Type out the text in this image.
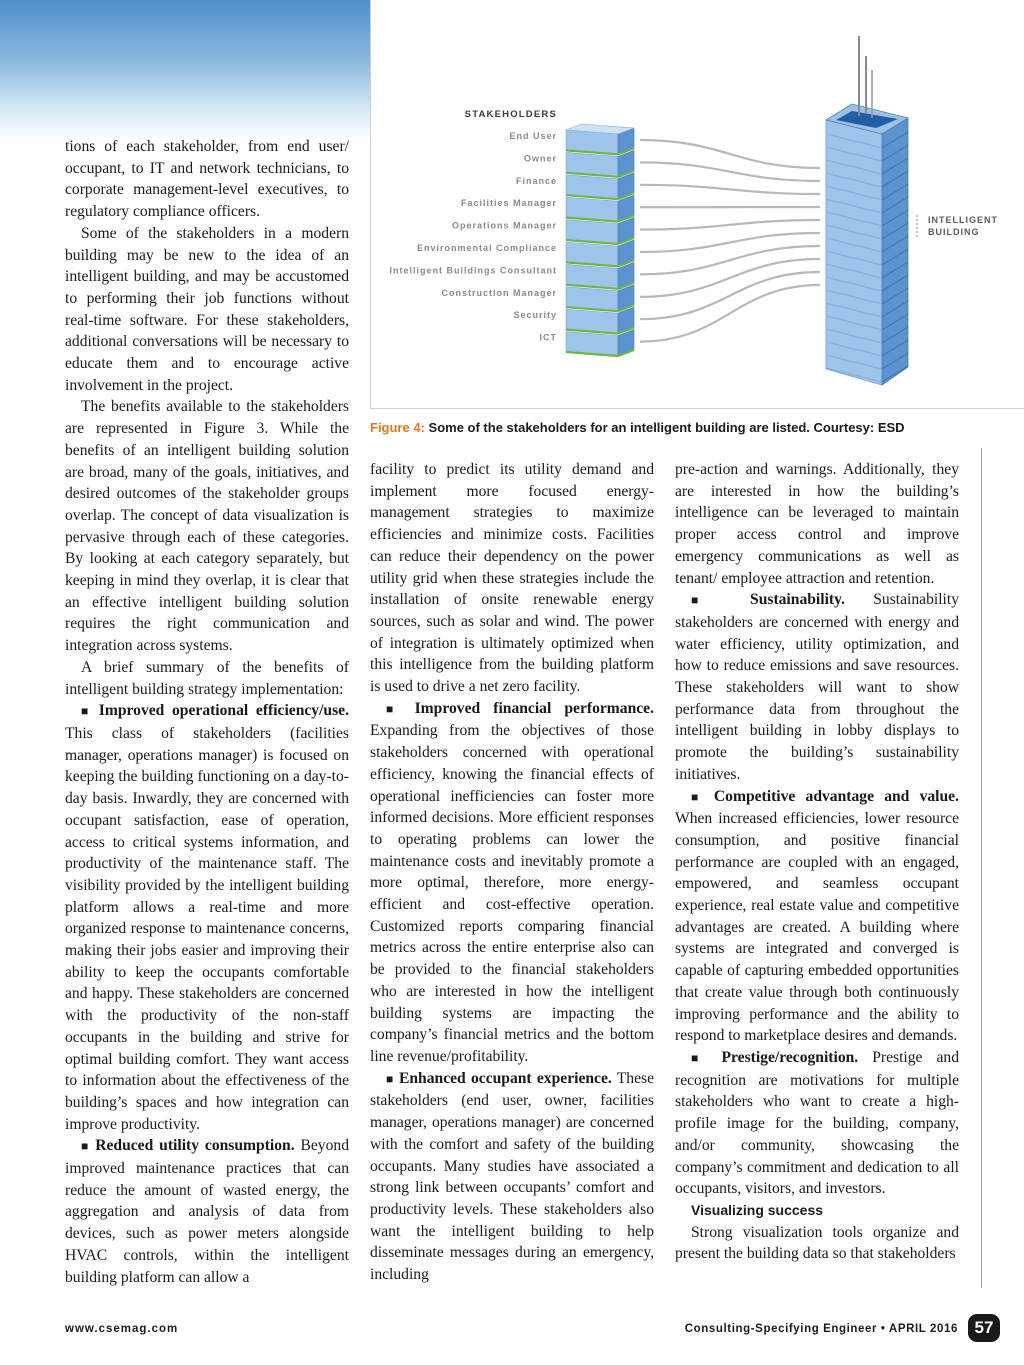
STAKEHOLDERS
End User
Owner
Finance
Facilities Manager
Operations Manager
Environmental Compliance
Intelligent Buildings Consultant
Construction Manager
Security
ICT
INTELLIGENT
BUILDING
Figure 4: Some of the stakeholders for an intelligent building are listed. Courtesy: ESD

tions of each stakeholder, from end user/ occupant, to IT and network technicians, to corporate management-level executives, to regulatory compliance officers.

Some of the stakeholders in a modern building may be new to the idea of an intelligent building, and may be accustomed to performing their job functions without real-time software. For these stakeholders, additional conversations will be necessary to educate them and to encourage active involvement in the project.

The benefits available to the stakeholders are represented in Figure 3. While the benefits of an intelligent building solution are broad, many of the goals, initiatives, and desired outcomes of the stakeholder groups overlap. The concept of data visualization is pervasive through each of these categories. By looking at each category separately, but keeping in mind they overlap, it is clear that an effective intelligent building solution requires the right communication and integration across systems.

A brief summary of the benefits of intelligent building strategy implementation:

■ Improved operational efficiency/use. This class of stakeholders (facilities manager, operations manager) is focused on keeping the building functioning on a day-to-day basis. Inwardly, they are concerned with occupant satisfaction, ease of operation, access to critical systems information, and productivity of the maintenance staff. The visibility provided by the intelligent building platform allows a real-time and more organized response to maintenance concerns, making their jobs easier and improving their ability to keep the occupants comfortable and happy. These stakeholders are concerned with the productivity of the non-staff occupants in the building and strive for optimal building comfort. They want access to information about the effectiveness of the building’s spaces and how integration can improve productivity.

■ Reduced utility consumption. Beyond improved maintenance practices that can reduce the amount of wasted energy, the aggregation and analysis of data from devices, such as power meters alongside HVAC controls, within the intelligent building platform can allow a

facility to predict its utility demand and implement more focused energy-management strategies to maximize efficiencies and minimize costs. Facilities can reduce their dependency on the power utility grid when these strategies include the installation of onsite renewable energy sources, such as solar and wind. The power of integration is ultimately optimized when this intelligence from the building platform is used to drive a net zero facility.

■ Improved financial performance. Expanding from the objectives of those stakeholders concerned with operational efficiency, knowing the financial effects of operational inefficiencies can foster more informed decisions. More efficient responses to operating problems can lower the maintenance costs and inevitably promote a more optimal, therefore, more energy-efficient and cost-effective operation. Customized reports comparing financial metrics across the entire enterprise also can be provided to the financial stakeholders who are interested in how the intelligent building systems are impacting the company’s financial metrics and the bottom line revenue/profitability.

■ Enhanced occupant experience. These stakeholders (end user, owner, facilities manager, operations manager) are concerned with the comfort and safety of the building occupants. Many studies have associated a strong link between occupants’ comfort and productivity levels. These stakeholders also want the intelligent building to help disseminate messages during an emergency, including

pre-action and warnings. Additionally, they are interested in how the building’s intelligence can be leveraged to maintain proper access control and improve emergency communications as well as tenant/ employee attraction and retention.

■ Sustainability. Sustainability stakeholders are concerned with energy and water efficiency, utility optimization, and how to reduce emissions and save resources. These stakeholders will want to show performance data from throughout the intelligent building in lobby displays to promote the building’s sustainability initiatives.

■ Competitive advantage and value. When increased efficiencies, lower resource consumption, and positive financial performance are coupled with an engaged, empowered, and seamless occupant experience, real estate value and competitive advantages are created. A building where systems are integrated and converged is capable of capturing embedded opportunities that create value through both continuously improving performance and the ability to respond to marketplace desires and demands.

■ Prestige/recognition. Prestige and recognition are motivations for multiple stakeholders who want to create a high-profile image for the building, company, and/or community, showcasing the company’s commitment and dedication to all occupants, visitors, and investors.

Visualizing success

Strong visualization tools organize and present the building data so that stakeholders

www.csemag.com	Consulting-Specifying Engineer • APRIL 2016 57
